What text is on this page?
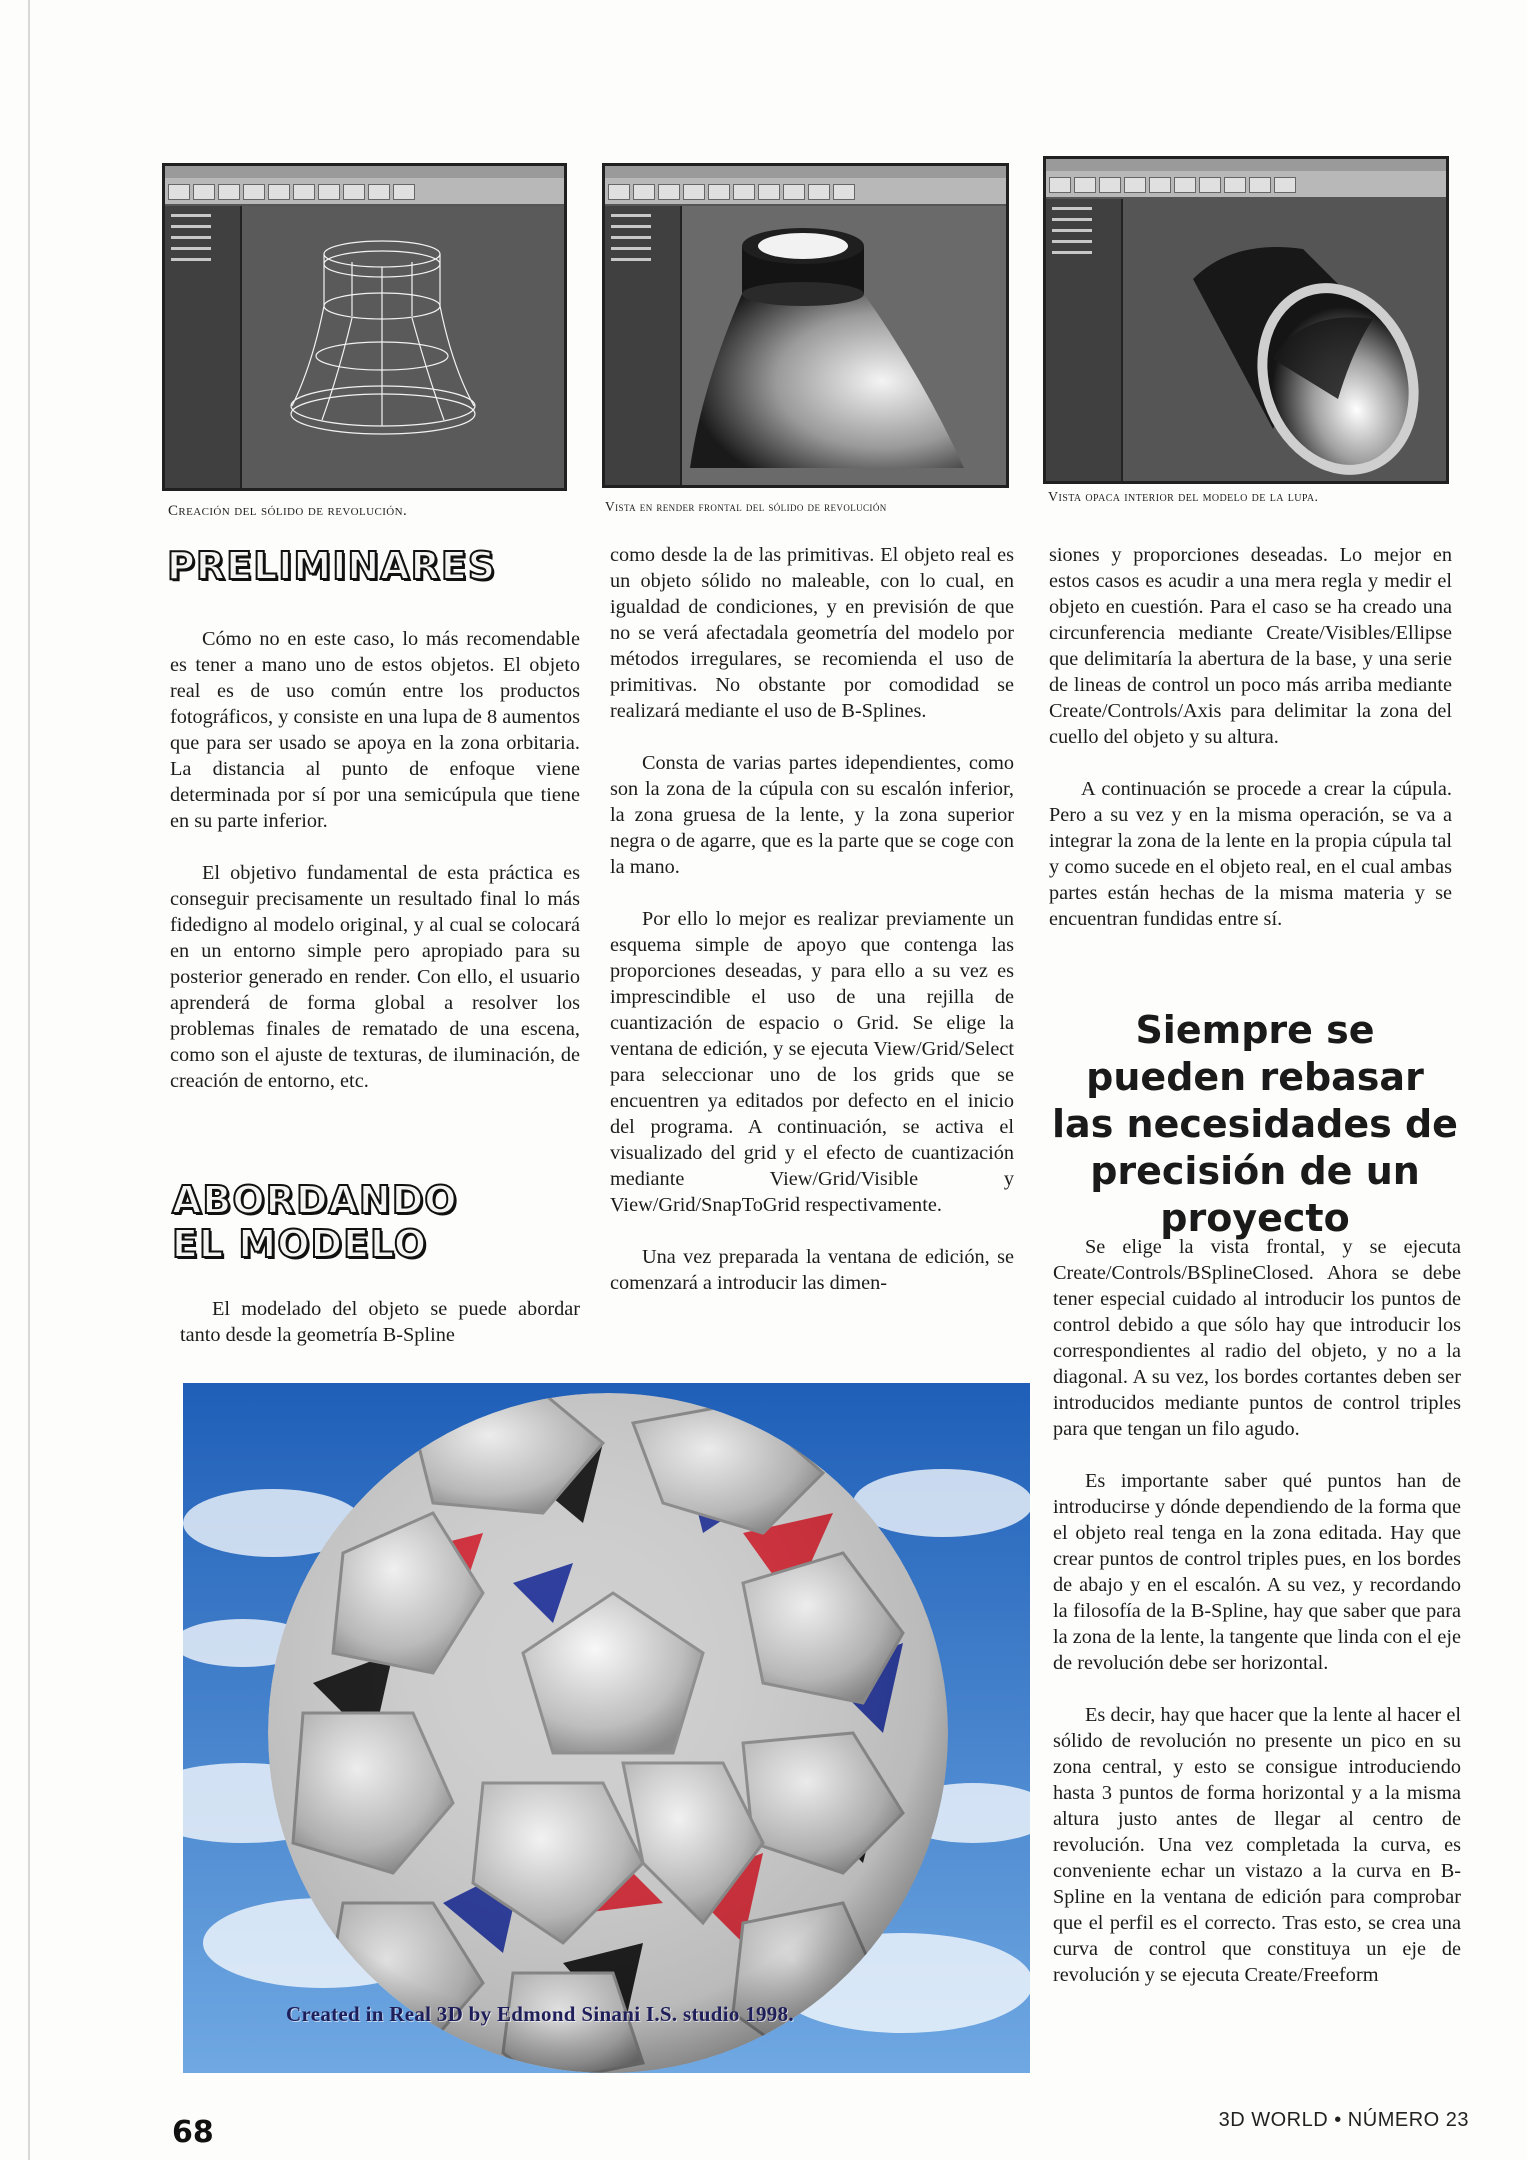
Creación del sólido de revolución.	Vista en render frontal del sólido de revolución
Vista opaca interior del modelo de la lupa.
PRELIMINARES

Cómo no en este caso, lo más recomendable es tener a mano uno de estos objetos. El objeto real es de uso común entre los productos fotográficos, y consiste en una lupa de 8 aumentos que para ser usado se apoya en la zona orbitaria. La distancia al punto de enfoque viene determinada por sí por una semicúpula que tiene en su parte inferior.

El objetivo fundamental de esta práctica es conseguir precisamente un resultado final lo más fidedigno al modelo original, y al cual se colocará en un entorno simple pero apropiado para su posterior generado en render. Con ello, el usuario aprenderá de forma global a resolver los problemas finales de rematado de una escena, como son el ajuste de texturas, de iluminación, de creación de entorno, etc.

ABORDANDO
EL MODELO

El modelado del objeto se puede abordar tanto desde la geometría B-Spline

como desde la de las primitivas. El objeto real es un objeto sólido no maleable, con lo cual, en igualdad de condiciones, y en previsión de que no se verá afectadala geometría del modelo por métodos irregulares, se recomienda el uso de primitivas. No obstante por comodidad se realizará mediante el uso de B-Splines.

Consta de varias partes idependientes, como son la zona de la cúpula con su escalón inferior, la zona gruesa de la lente, y la zona superior negra o de agarre, que es la parte que se coge con la mano.

Por ello lo mejor es realizar previamente un esquema simple de apoyo que contenga las proporciones deseadas, y para ello a su vez es imprescindible el uso de una rejilla de cuantización de espacio o Grid. Se elige la ventana de edición, y se ejecuta View/Grid/Select para seleccionar uno de los grids que se encuentren ya editados por defecto en el inicio del programa. A continuación, se activa el visualizado del grid y el efecto de cuantización mediante View/Grid/Visible y View/Grid/SnapToGrid respectivamente.

Una vez preparada la ventana de edición, se comenzará a introducir las dimen-

siones y proporciones deseadas. Lo mejor en estos casos es acudir a una mera regla y medir el objeto en cuestión. Para el caso se ha creado una circunferencia mediante Create/Visibles/Ellipse que delimitaría la abertura de la base, y una serie de lineas de control un poco más arriba mediante Create/Controls/Axis para delimitar la zona del cuello del objeto y su altura.

A continuación se procede a crear la cúpula. Pero a su vez y en la misma operación, se va a integrar la zona de la lente en la propia cúpula tal y como sucede en el objeto real, en el cual ambas partes están hechas de la misma materia y se encuentran fundidas entre sí.

Siempre se pueden rebasar las necesidades de precisión de un proyecto

Se elige la vista frontal, y se ejecuta Create/Controls/BSplineClosed. Ahora se debe tener especial cuidado al introducir los puntos de control debido a que sólo hay que introducir los correspondientes al radio del objeto, y no a la diagonal. A su vez, los bordes cortantes deben ser introducidos mediante puntos de control triples para que tengan un filo agudo.

Es importante saber qué puntos han de introducirse y dónde dependiendo de la forma que el objeto real tenga en la zona editada. Hay que crear puntos de control triples pues, en los bordes de abajo y en el escalón. A su vez, y recordando la filosofía de la B-Spline, hay que saber que para la zona de la lente, la tangente que linda con el eje de revolución debe ser horizontal.

Es decir, hay que hacer que la lente al hacer el sólido de revolución no presente un pico en su zona central, y esto se consigue introduciendo hasta 3 puntos de forma horizontal y a la misma altura justo antes de llegar al centro de revolución. Una vez completada la curva, es conveniente echar un vistazo a la curva en B-Spline en la ventana de edición para comprobar que el perfil es el correcto. Tras esto, se crea una curva de control que constituya un eje de revolución y se ejecuta Create/Freeform

Created in Real 3D by Edmond Sinani I.S. studio 1998.
68	3D WORLD • NÚMERO 23
